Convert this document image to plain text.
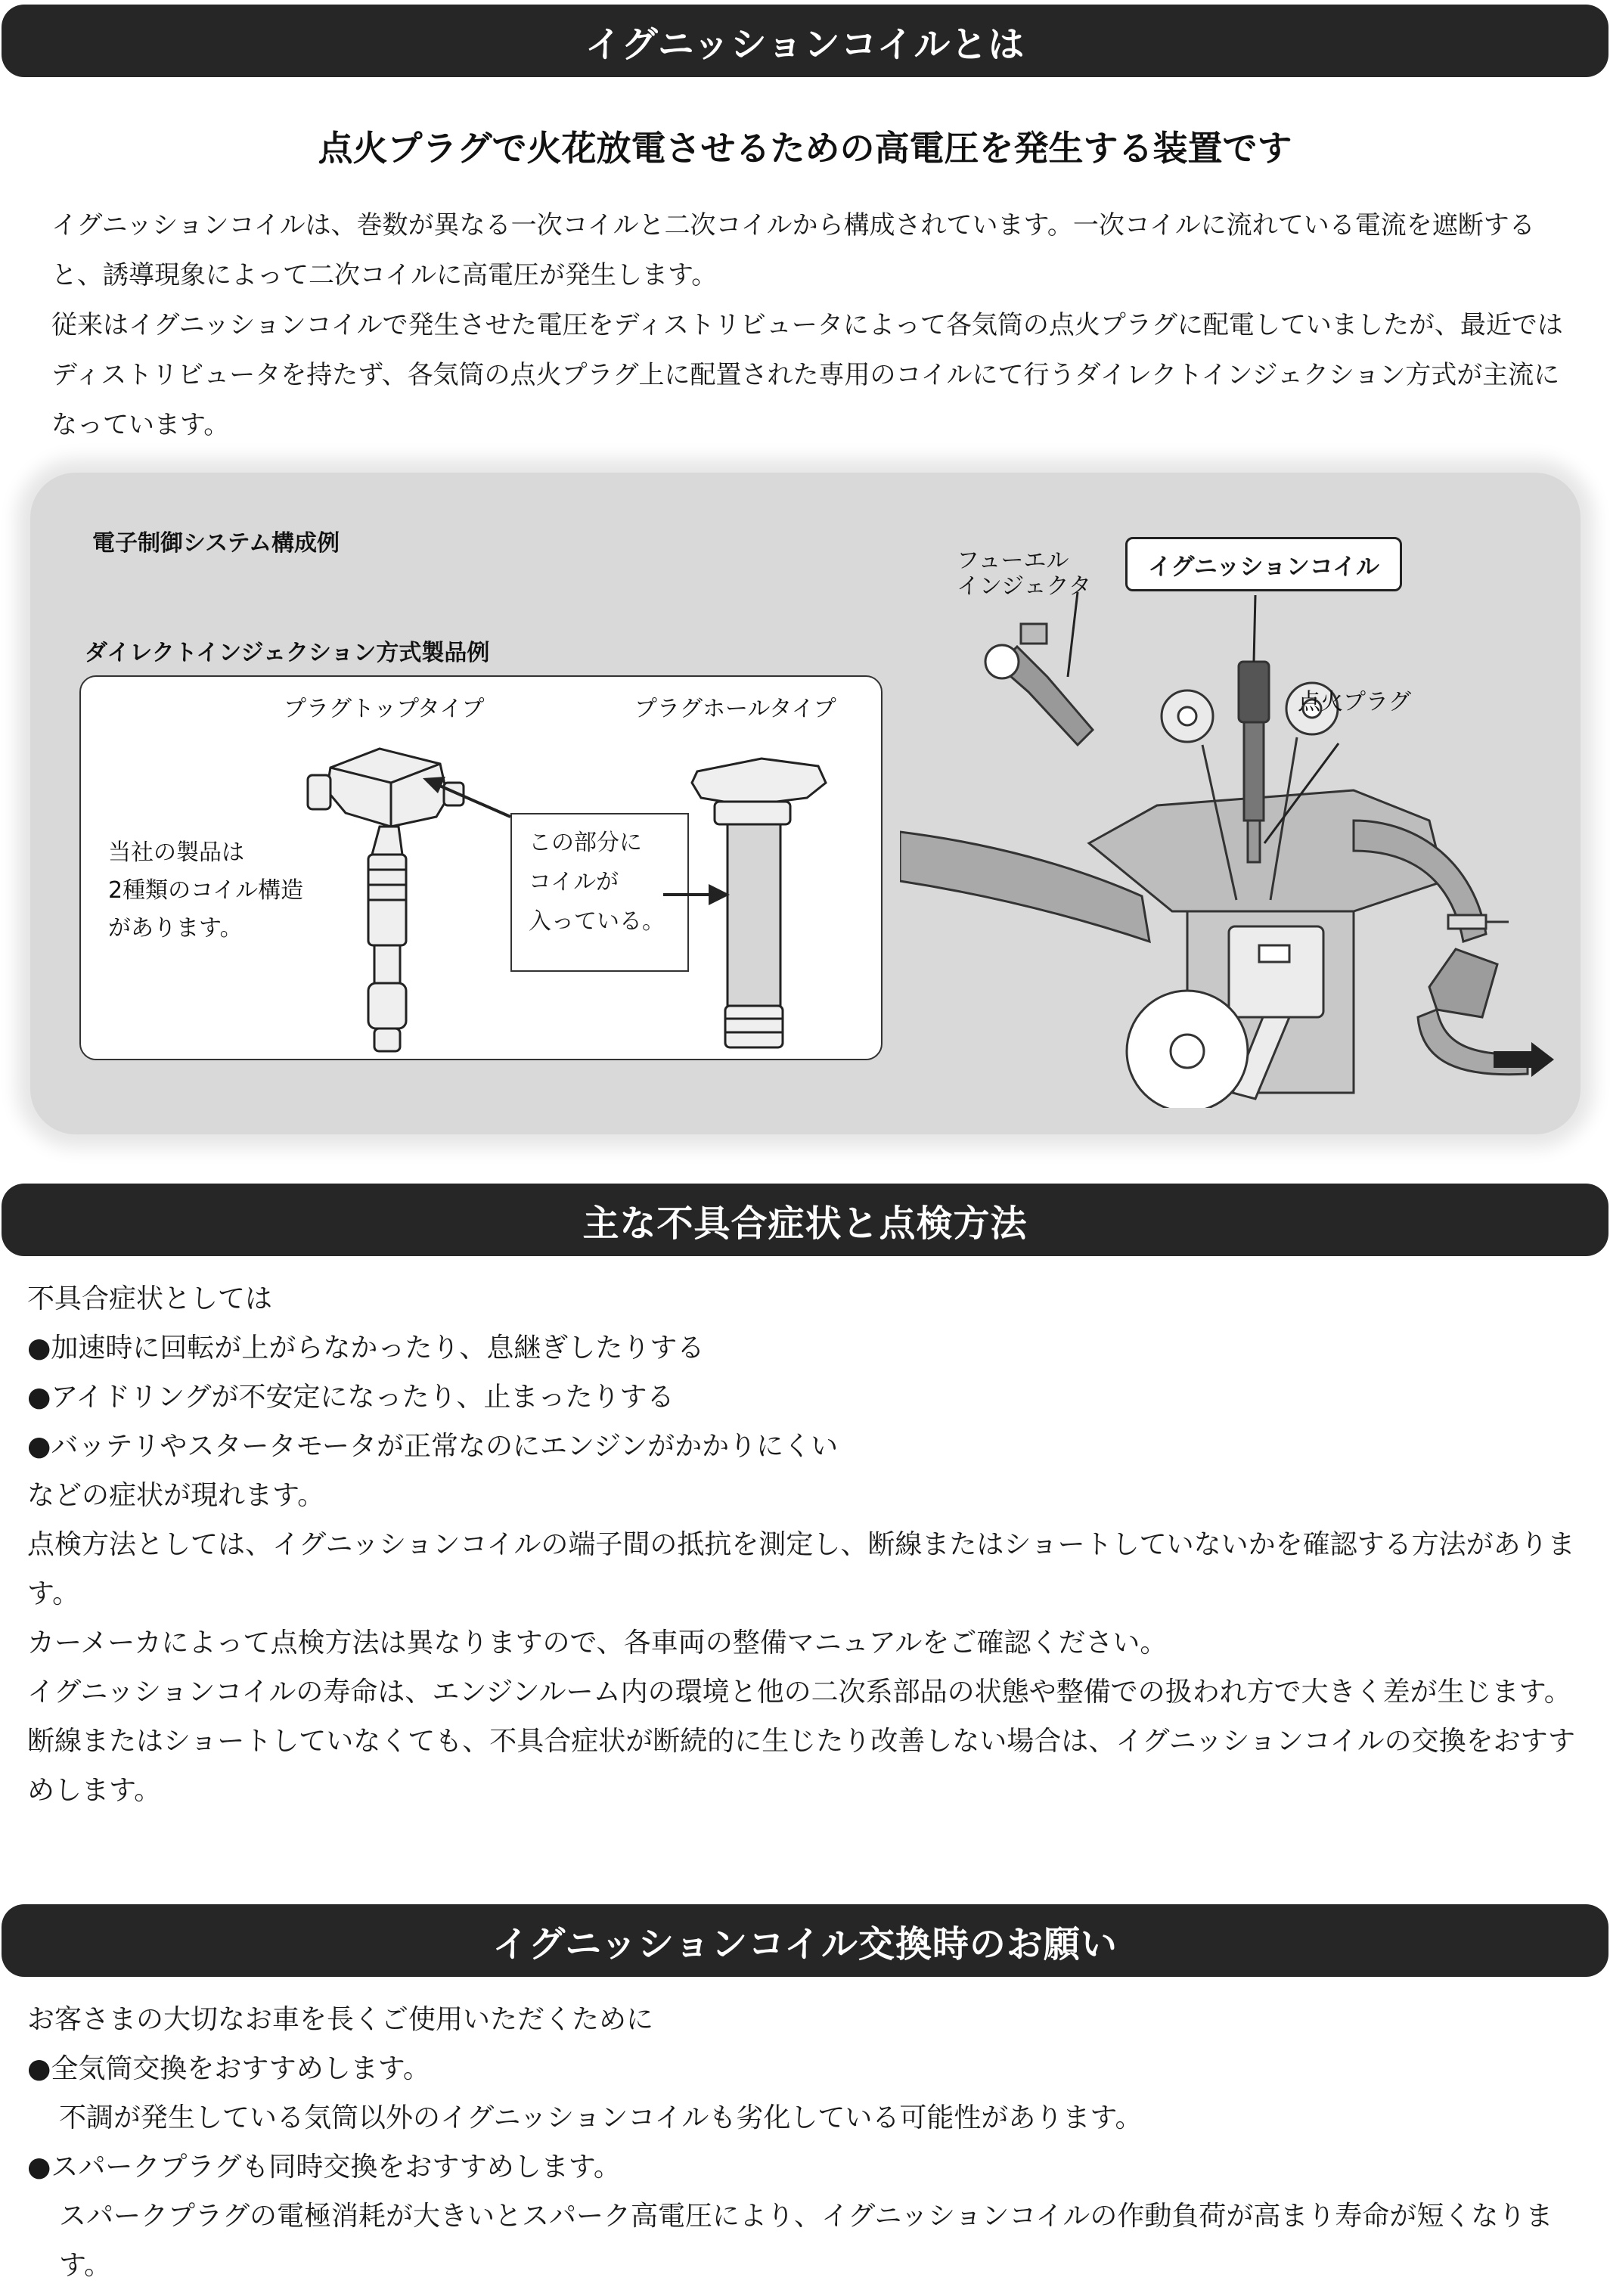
イグニッションコイルとは
点火プラグで火花放電させるための高電圧を発生する装置です

イグニッションコイルは、巻数が異なる一次コイルと二次コイルから構成されています。一次コイルに流れている電流を遮断すると、誘導現象によって二次コイルに高電圧が発生します。

従来はイグニッションコイルで発生させた電圧をディストリビュータによって各気筒の点火プラグに配電していましたが、最近ではディストリビュータを持たず、各気筒の点火プラグ上に配置された専用のコイルにて行うダイレクトインジェクション方式が主流になっています。

電子制御システム構成例
ダイレクトインジェクション方式製品例
プラグトップタイプ	プラグホールタイプ
当社の製品は
2種類のコイル構造
があります。
この部分に
コイルが
入っている。
フューエル
インジェクタ
イグニッションコイル
点火プラグ
主な不具合症状と点検方法

不具合症状としては

● 加速時に回転が上がらなかったり、息継ぎしたりする

● アイドリングが不安定になったり、止まったりする

● バッテリやスタータモータが正常なのにエンジンがかかりにくい

などの症状が現れます。

点検方法としては、イグニッションコイルの端子間の抵抗を測定し、断線またはショートしていないかを確認する方法があります。

カーメーカによって点検方法は異なりますので、各車両の整備マニュアルをご確認ください。

イグニッションコイルの寿命は、エンジンルーム内の環境と他の二次系部品の状態や整備での扱われ方で大きく差が生じます。

断線またはショートしていなくても、不具合症状が断続的に生じたり改善しない場合は、イグニッションコイルの交換をおすすめします。

イグニッションコイル交換時のお願い

お客さまの大切なお車を長くご使用いただくために

● 全気筒交換をおすすめします。

不調が発生している気筒以外のイグニッションコイルも劣化している可能性があります。

● スパークプラグも同時交換をおすすめします。

スパークプラグの電極消耗が大きいとスパーク高電圧により、イグニッションコイルの作動負荷が高まり寿命が短くなります。
